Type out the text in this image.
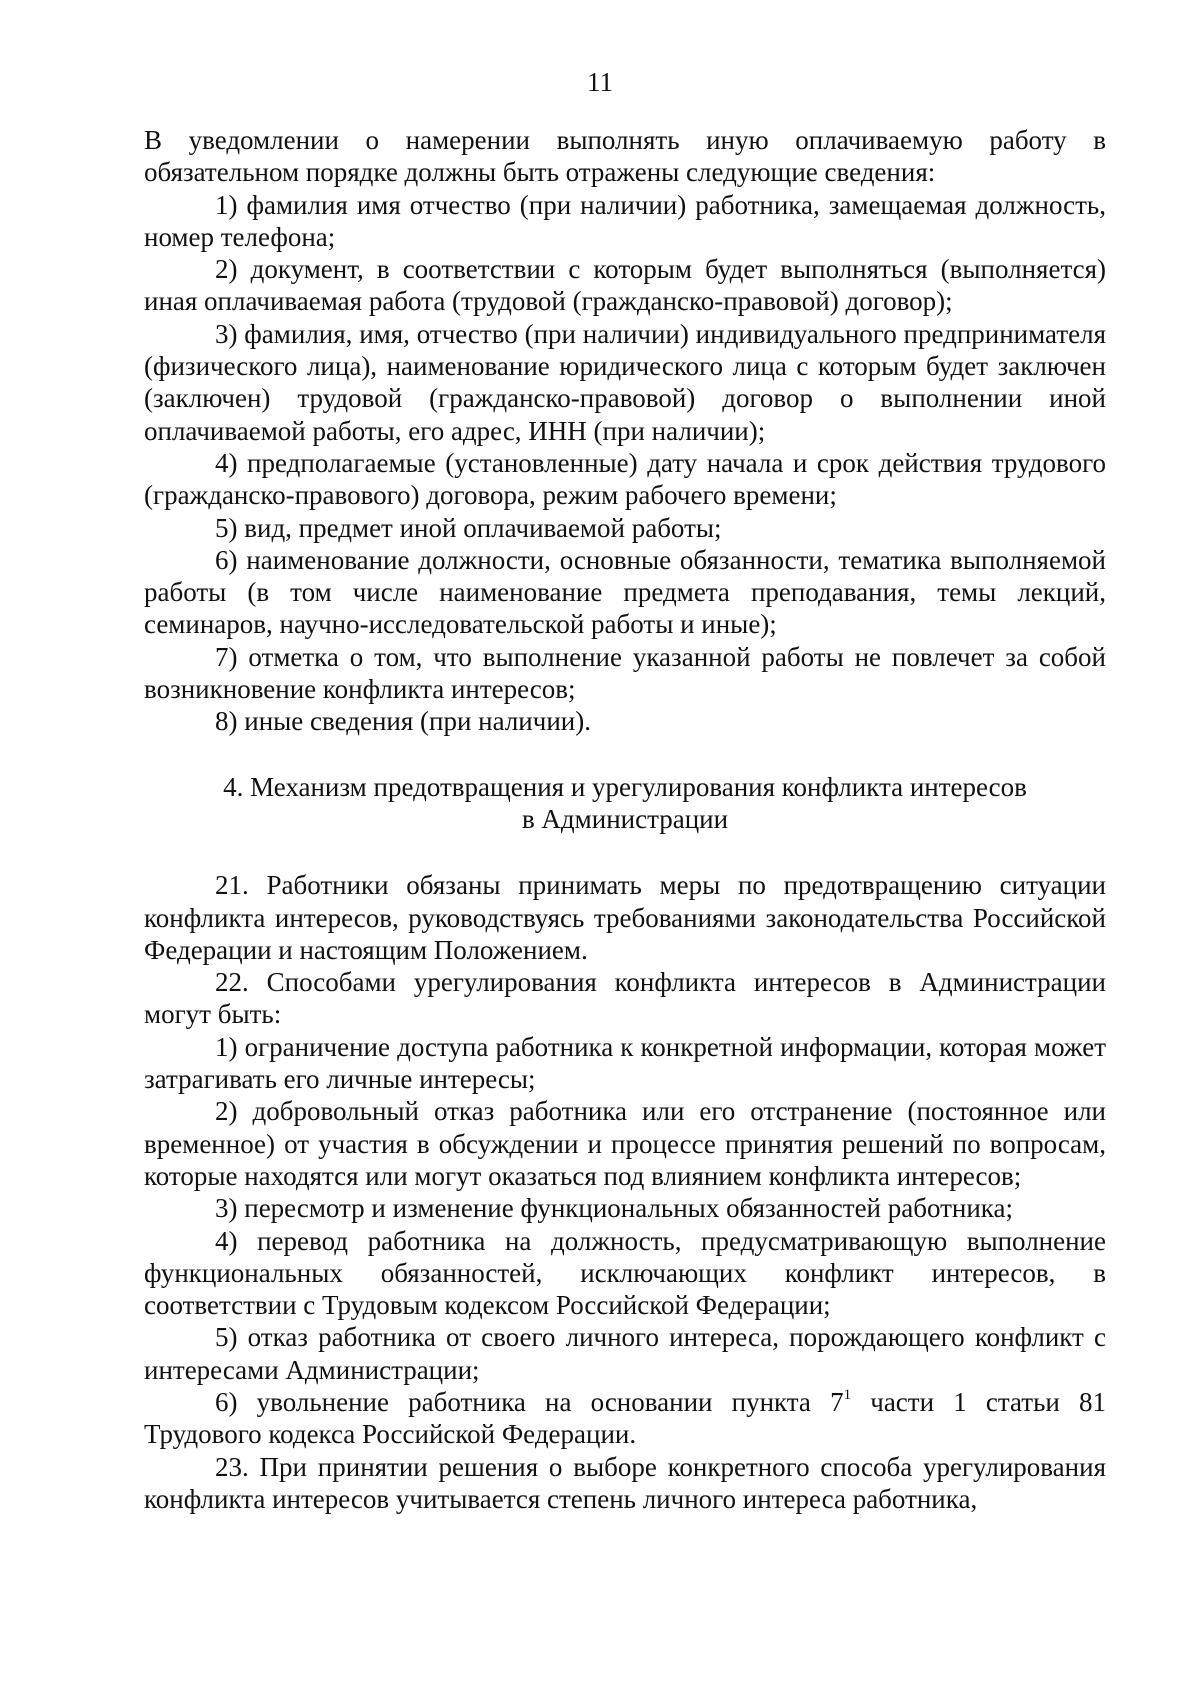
11

В уведомлении о намерении выполнять иную оплачиваемую работу в обязательном порядке должны быть отражены следующие сведения:

1) фамилия имя отчество (при наличии) работника, замещаемая должность, номер телефона;

2) документ, в соответствии с которым будет выполняться (выполняется) иная оплачиваемая работа (трудовой (гражданско-правовой) договор);

3) фамилия, имя, отчество (при наличии) индивидуального предпринимателя (физического лица), наименование юридического лица с которым будет заключен (заключен) трудовой (гражданско-правовой) договор о выполнении иной оплачиваемой работы, его адрес, ИНН (при наличии);

4) предполагаемые (установленные) дату начала и срок действия трудового (гражданско-правового) договора, режим рабочего времени;

5) вид, предмет иной оплачиваемой работы;

6) наименование должности, основные обязанности, тематика выполняемой работы (в том числе наименование предмета преподавания, темы лекций, семинаров, научно-исследовательской работы и иные);

7) отметка о том, что выполнение указанной работы не повлечет за собой возникновение конфликта интересов;

8) иные сведения (при наличии).

4. Механизм предотвращения и урегулирования конфликта интересов
в Администрации

21. Работники обязаны принимать меры по предотвращению ситуации конфликта интересов, руководствуясь требованиями законодательства Российской Федерации и настоящим Положением.

22. Способами урегулирования конфликта интересов в Администрации могут быть:

1) ограничение доступа работника к конкретной информации, которая может затрагивать его личные интересы;

2) добровольный отказ работника или его отстранение (постоянное или временное) от участия в обсуждении и процессе принятия решений по вопросам, которые находятся или могут оказаться под влиянием конфликта интересов;

3) пересмотр и изменение функциональных обязанностей работника;

4) перевод работника на должность, предусматривающую выполнение функциональных обязанностей, исключающих конфликт интересов, в соответствии с Трудовым кодексом Российской Федерации;

5) отказ работника от своего личного интереса, порождающего конфликт с интересами Администрации;

6) увольнение работника на основании пункта $7^1$ части 1 статьи 81 Трудового кодекса Российской Федерации.

23. При принятии решения о выборе конкретного способа урегулирования конфликта интересов учитывается степень личного интереса работника,
